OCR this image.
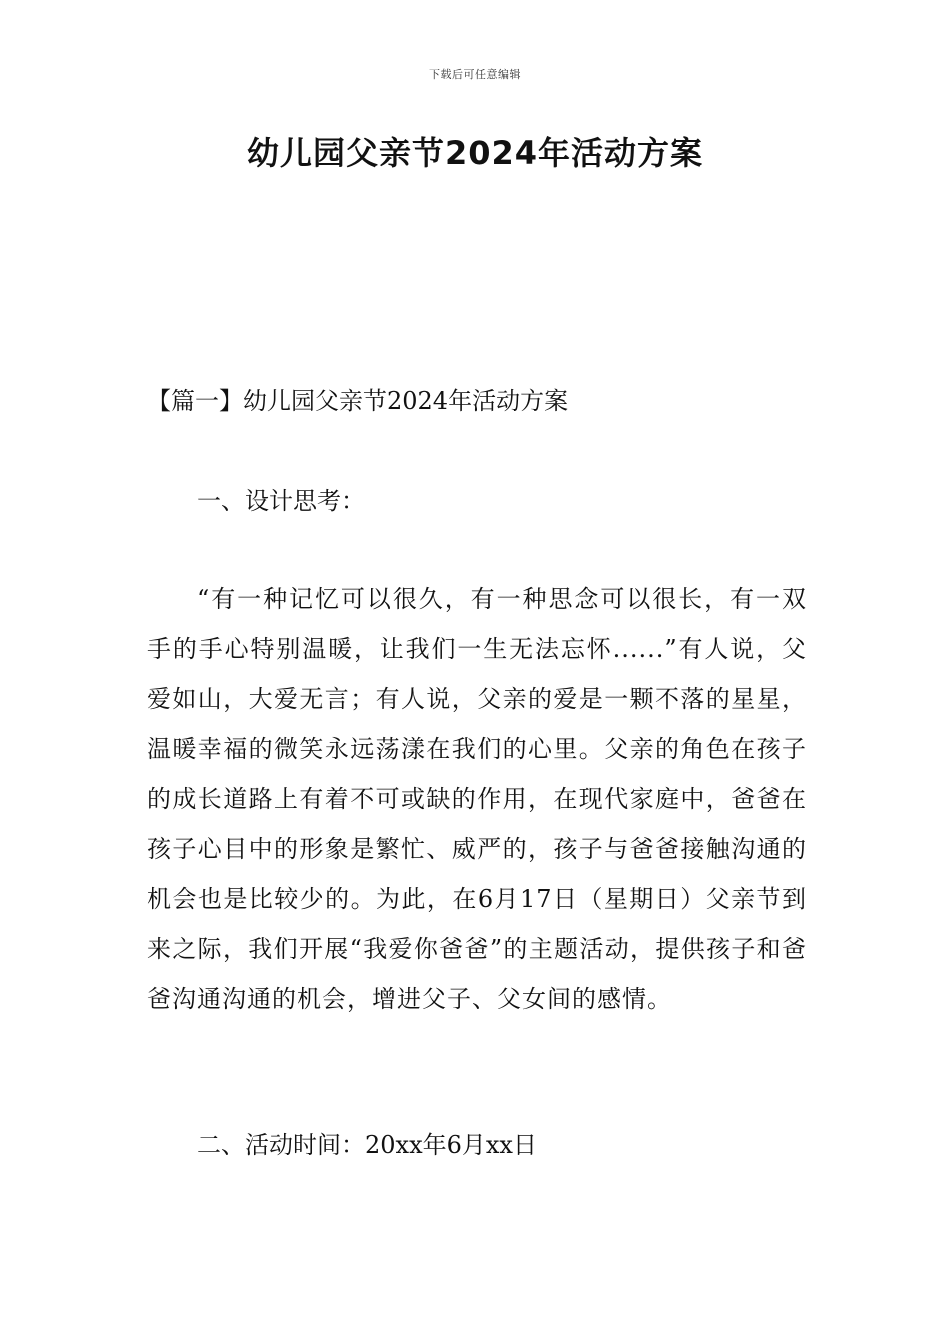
下载后可任意编辑
幼儿园父亲节2024年活动方案
【篇一】幼儿园父亲节2024年活动方案
一、设计思考：
“有一种记忆可以很久，有一种思念可以很长，有一双手的手心特别温暖，让我们一生无法忘怀......”有人说，父爱如山，大爱无言；有人说，父亲的爱是一颗不落的星星，温暖幸福的微笑永远荡漾在我们的心里。父亲的角色在孩子的成长道路上有着不可或缺的作用，在现代家庭中，爸爸在孩子心目中的形象是繁忙、威严的，孩子与爸爸接触沟通的机会也是比较少的。为此，在6月17日（星期日）父亲节到来之际，我们开展“我爱你爸爸”的主题活动，提供孩子和爸爸沟通沟通的机会，增进父子、父女间的感情。
二、活动时间：20xx年6月xx日
